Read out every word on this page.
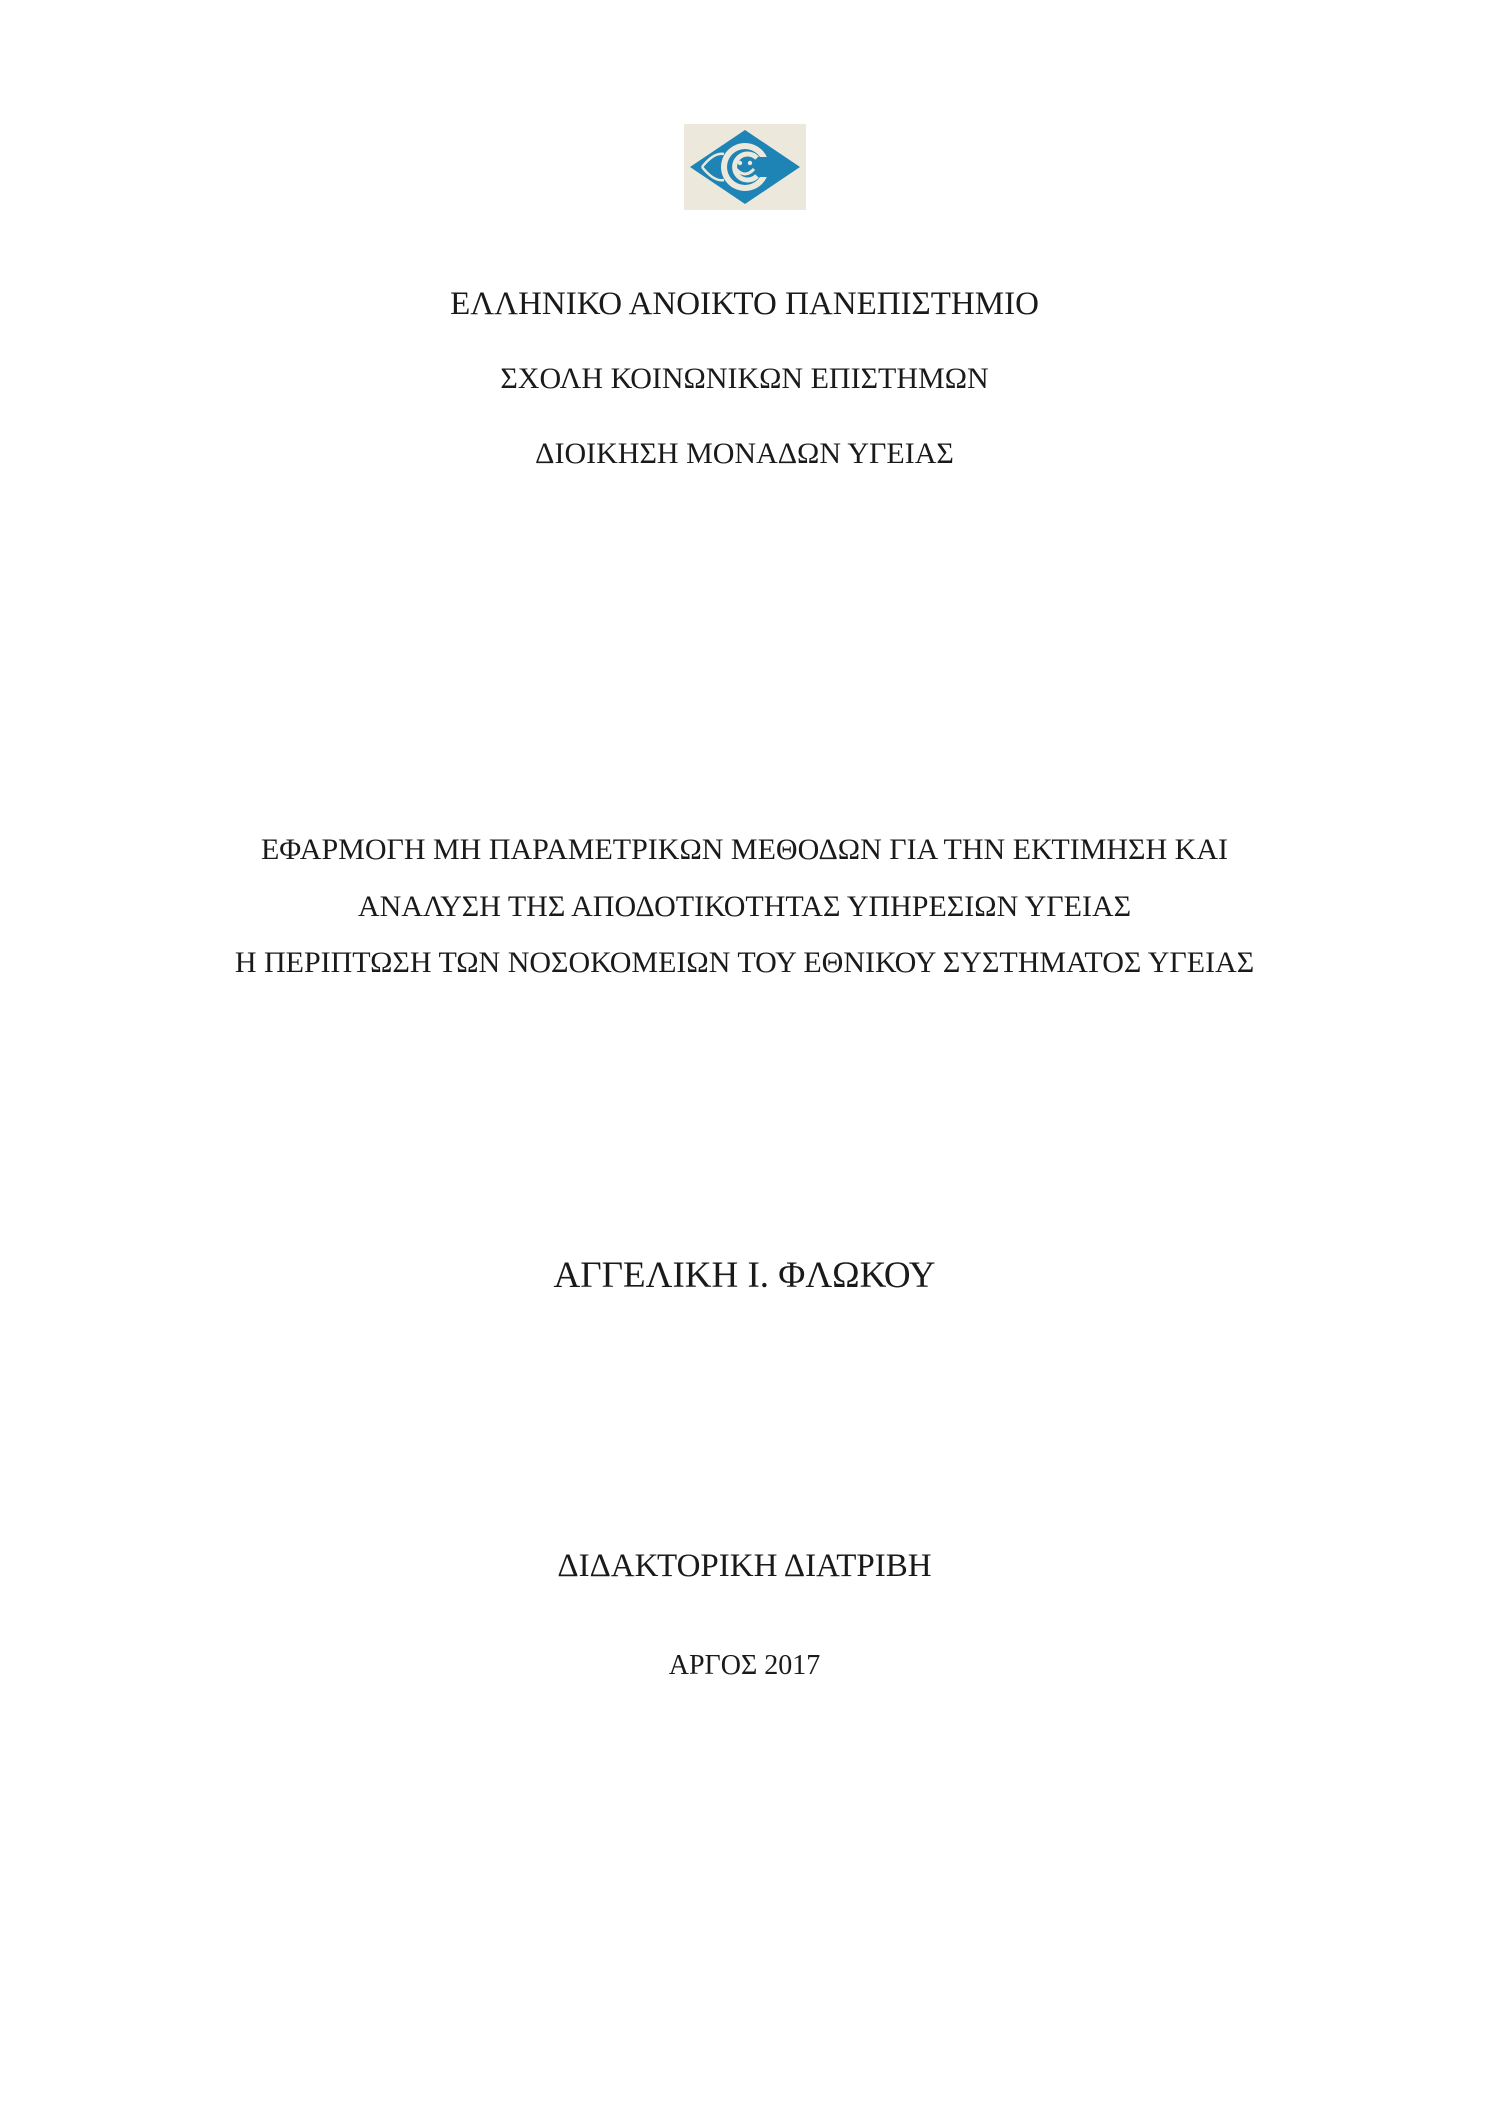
ΕΛΛΗΝΙΚΟ ΑΝΟΙΚΤΟ ΠΑΝΕΠΙΣΤΗΜΙΟ
ΣΧΟΛΗ ΚΟΙΝΩΝΙΚΩΝ ΕΠΙΣΤΗΜΩΝ
ΔΙΟΙΚΗΣΗ ΜΟΝΑΔΩΝ ΥΓΕΙΑΣ
ΕΦΑΡΜΟΓΗ ΜΗ ΠΑΡΑΜΕΤΡΙΚΩΝ ΜΕΘΟΔΩΝ ΓΙΑ ΤΗΝ ΕΚΤΙΜΗΣΗ ΚΑΙ
ΑΝΑΛΥΣΗ ΤΗΣ ΑΠΟΔΟΤΙΚΟΤΗΤΑΣ ΥΠΗΡΕΣΙΩΝ ΥΓΕΙΑΣ
Η ΠΕΡΙΠΤΩΣΗ ΤΩΝ ΝΟΣΟΚΟΜΕΙΩΝ ΤΟΥ ΕΘΝΙΚΟΥ ΣΥΣΤΗΜΑΤΟΣ ΥΓΕΙΑΣ
ΑΓΓΕΛΙΚΗ Ι. ΦΛΩΚΟΥ
ΔΙΔΑΚΤΟΡΙΚΗ ΔΙΑΤΡΙΒΗ
ΑΡΓΟΣ 2017
